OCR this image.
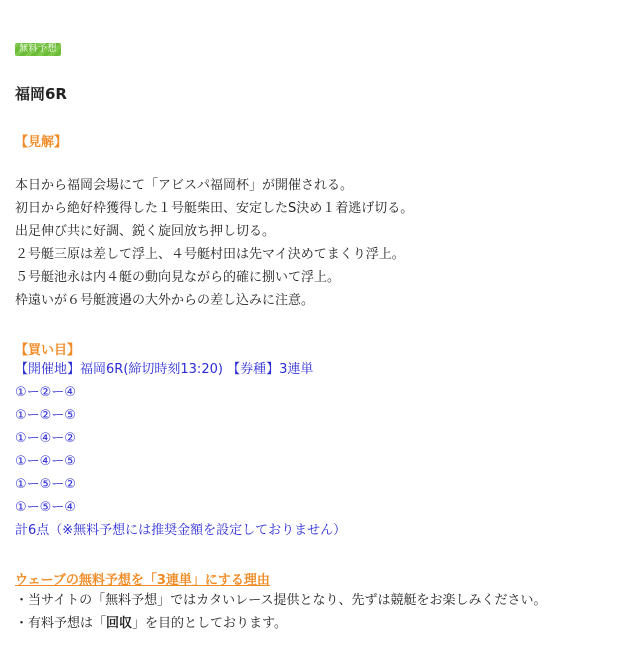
無料予想
福岡6R
【見解】
本日から福岡会場にて「アビスパ福岡杯」が開催される。
初日から絶好枠獲得した１号艇柴田、安定したS決め１着逃げ切る。
出足伸び共に好調、鋭く旋回放ち押し切る。
２号艇三原は差して浮上、４号艇村田は先マイ決めてまくり浮上。
５号艇池永は内４艇の動向見ながら的確に捌いて浮上。
枠遠いが６号艇渡邉の大外からの差し込みに注意。
【買い目】
【開催地】福岡6R(締切時刻13:20) 【券種】3連単
①ー②ー④
①ー②ー⑤
①ー④ー②
①ー④ー⑤
①ー⑤ー②
①ー⑤ー④
計6点（※無料予想には推奨金額を設定しておりません）
ウェーブの無料予想を「3連単」にする理由
・当サイトの「無料予想」ではカタいレース提供となり、先ずは競艇をお楽しみください。
・有料予想は「回収」を目的としております。
